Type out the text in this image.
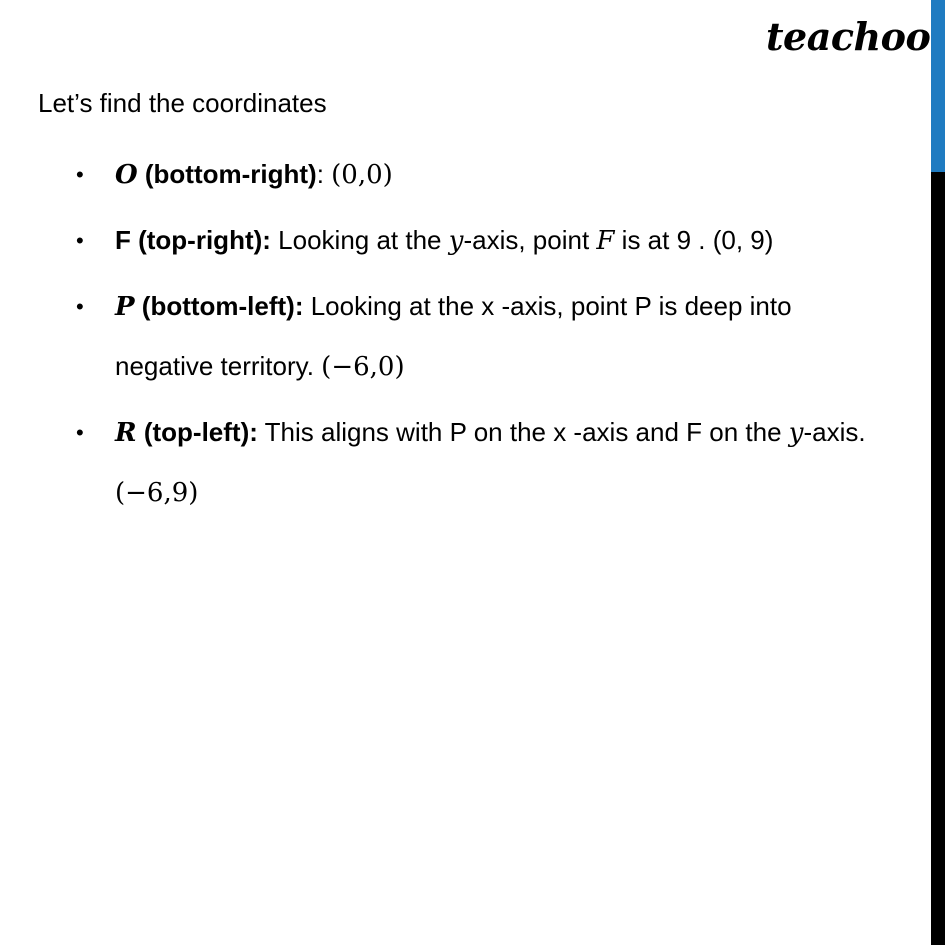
teachoo
Let’s find the coordinates
• O (bottom-right): (0,0)
• F (top-right): Looking at the y-axis, point F is at 9 . (0, 9)
• P (bottom-left): Looking at the x -axis, point P is deep into negative territory. (−6,0)
• R (top-left): This aligns with P on the x -axis and F on the y-axis. (−6,9)
